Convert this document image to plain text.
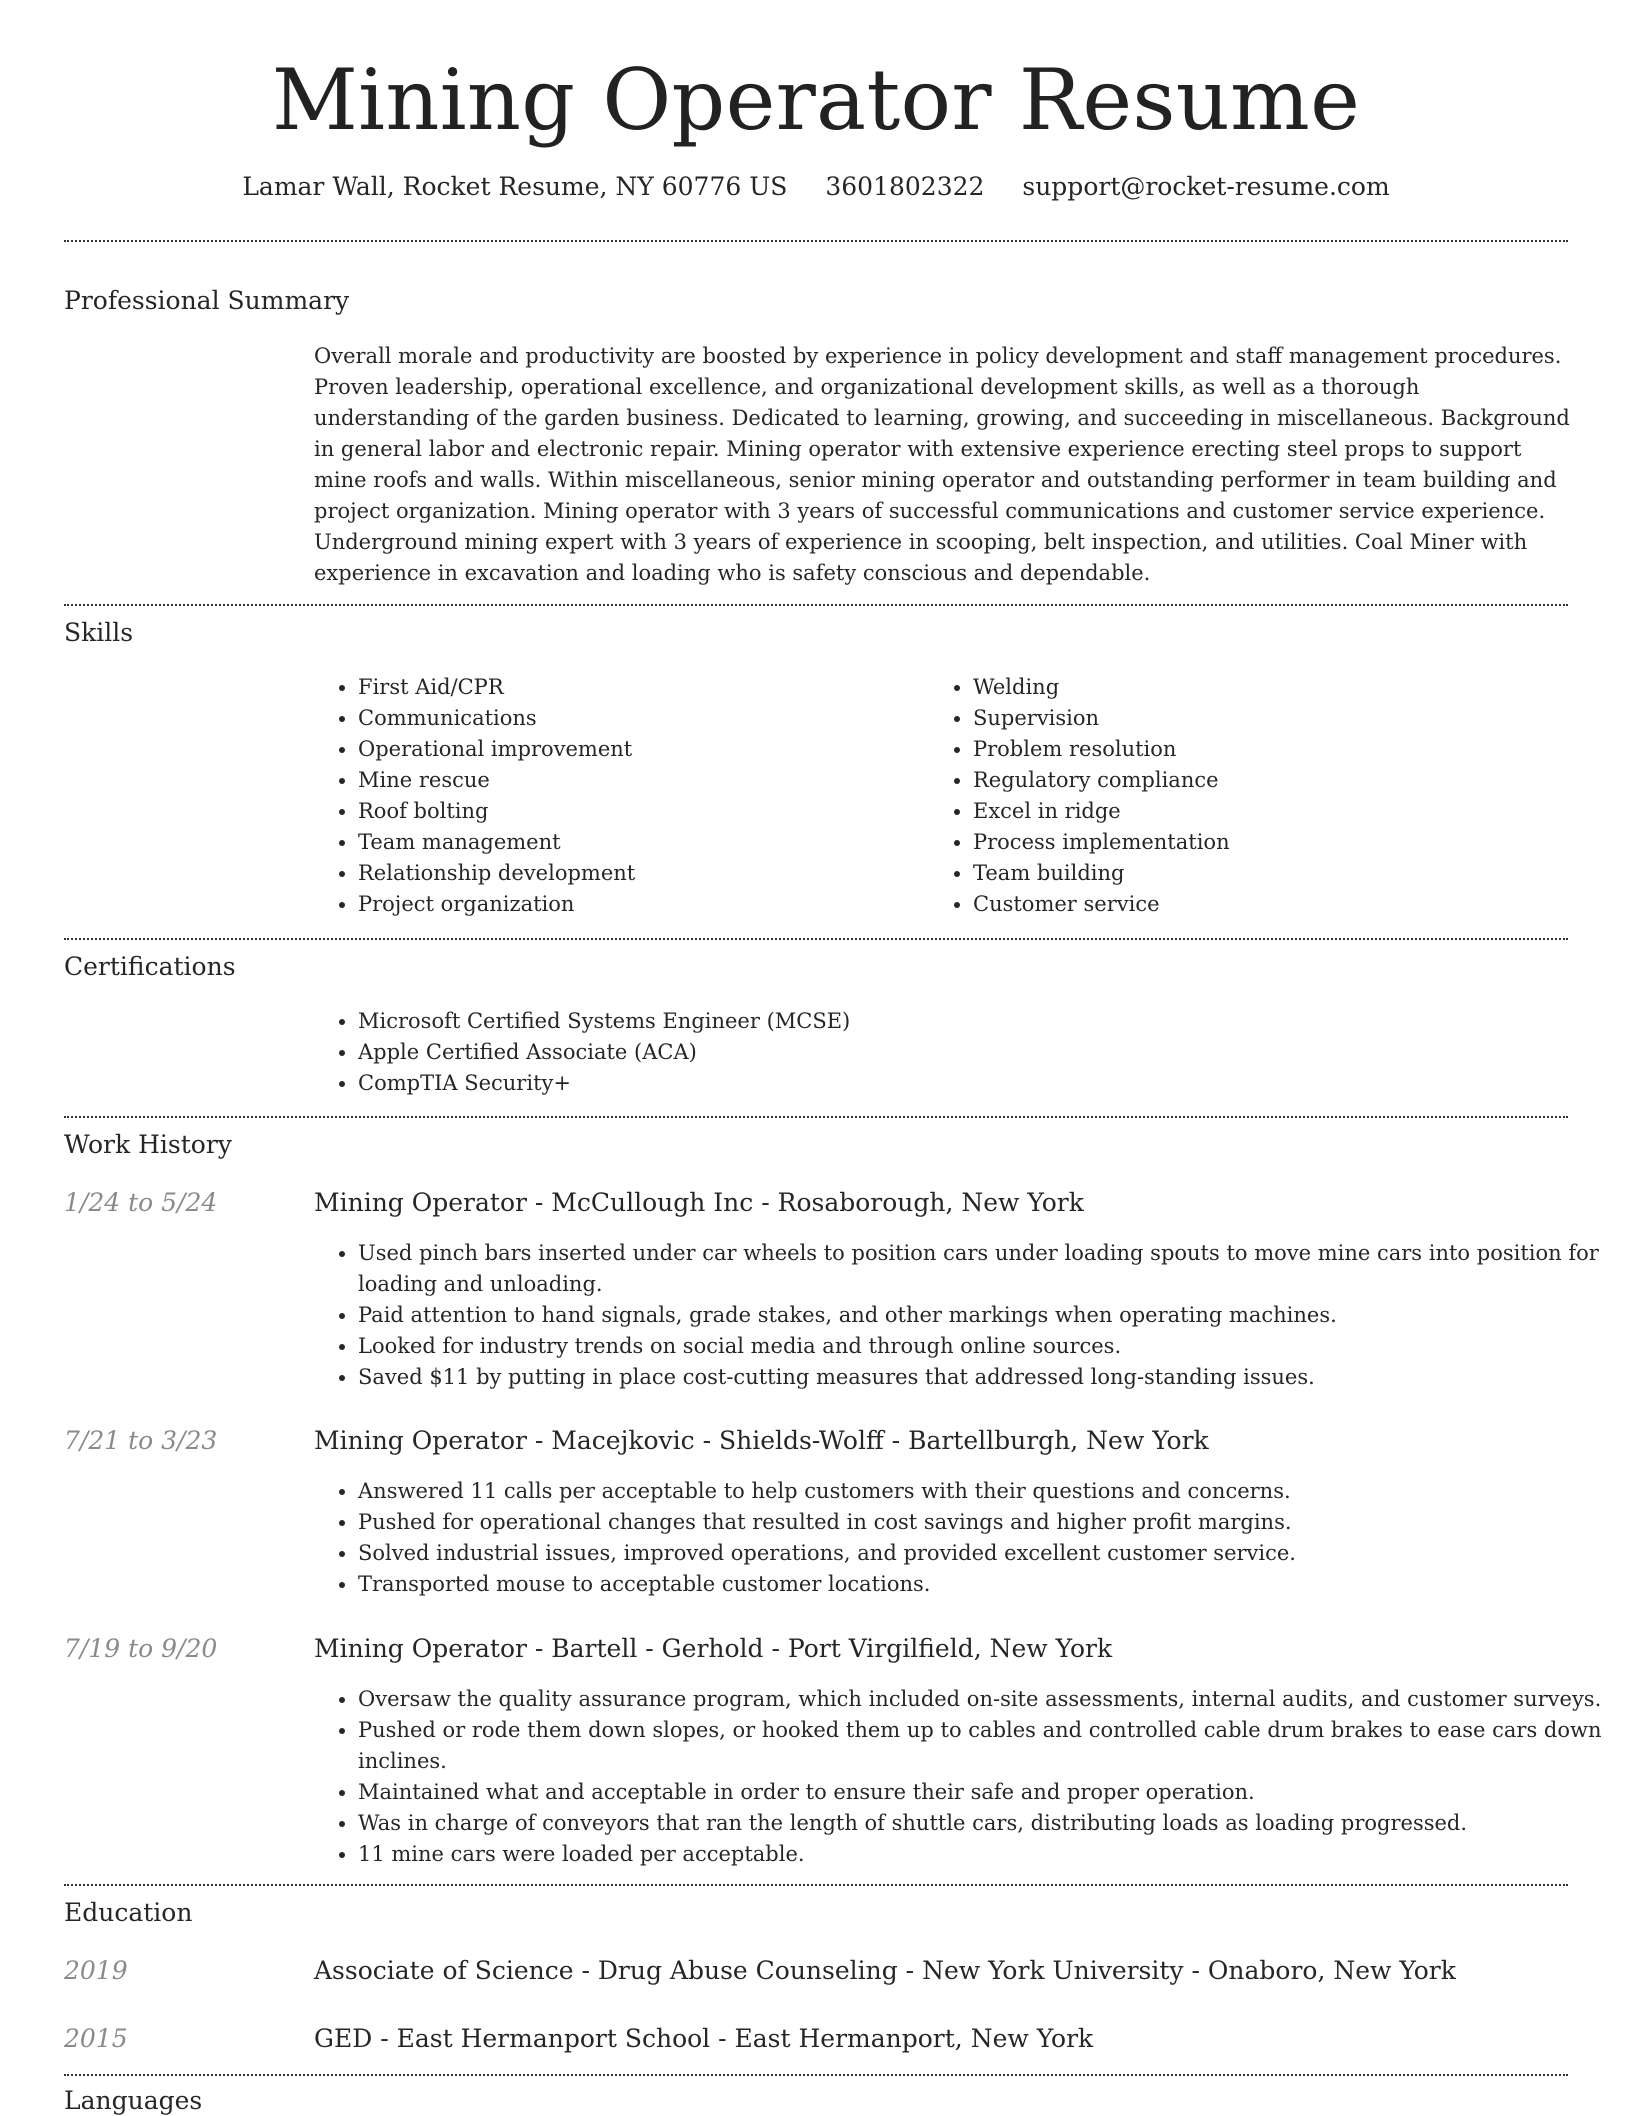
Mining Operator Resume
Lamar Wall, Rocket Resume, NY 60776 US 3601802322 support@rocket-resume.com
Professional Summary

Overall morale and productivity are boosted by experience in policy development and staff management procedures. Proven leadership, operational excellence, and organizational development skills, as well as a thorough understanding of the garden business. Dedicated to learning, growing, and succeeding in miscellaneous. Background in general labor and electronic repair. Mining operator with extensive experience erecting steel props to support mine roofs and walls. Within miscellaneous, senior mining operator and outstanding performer in team building and project organization. Mining operator with 3 years of successful communications and customer service experience. Underground mining expert with 3 years of experience in scooping, belt inspection, and utilities. Coal Miner with experience in excavation and loading who is safety conscious and dependable.

Skills
• First Aid/CPR
• Communications
• Operational improvement
• Mine rescue
• Roof bolting
• Team management
• Relationship development
• Project organization
• Welding
• Supervision
• Problem resolution
• Regulatory compliance
• Excel in ridge
• Process implementation
• Team building
• Customer service
Certifications
• Microsoft Certified Systems Engineer (MCSE)
• Apple Certified Associate (ACA)
• CompTIA Security+
Work History
1/24 to 5/24	Mining Operator - McCullough Inc - Rosaborough, New York
• Used pinch bars inserted under car wheels to position cars under loading spouts to move mine cars into position for loading and unloading.
• Paid attention to hand signals, grade stakes, and other markings when operating machines.
• Looked for industry trends on social media and through online sources.
• Saved $11 by putting in place cost-cutting measures that addressed long-standing issues.
7/21 to 3/23	Mining Operator - Macejkovic - Shields-Wolff - Bartellburgh, New York
• Answered 11 calls per acceptable to help customers with their questions and concerns.
• Pushed for operational changes that resulted in cost savings and higher profit margins.
• Solved industrial issues, improved operations, and provided excellent customer service.
• Transported mouse to acceptable customer locations.
7/19 to 9/20	Mining Operator - Bartell - Gerhold - Port Virgilfield, New York
• Oversaw the quality assurance program, which included on-site assessments, internal audits, and customer surveys.
• Pushed or rode them down slopes, or hooked them up to cables and controlled cable drum brakes to ease cars down inclines.
• Maintained what and acceptable in order to ensure their safe and proper operation.
• Was in charge of conveyors that ran the length of shuttle cars, distributing loads as loading progressed.
• 11 mine cars were loaded per acceptable.
Education
2019	Associate of Science - Drug Abuse Counseling - New York University - Onaboro, New York
2015	GED - East Hermanport School - East Hermanport, New York
Languages
